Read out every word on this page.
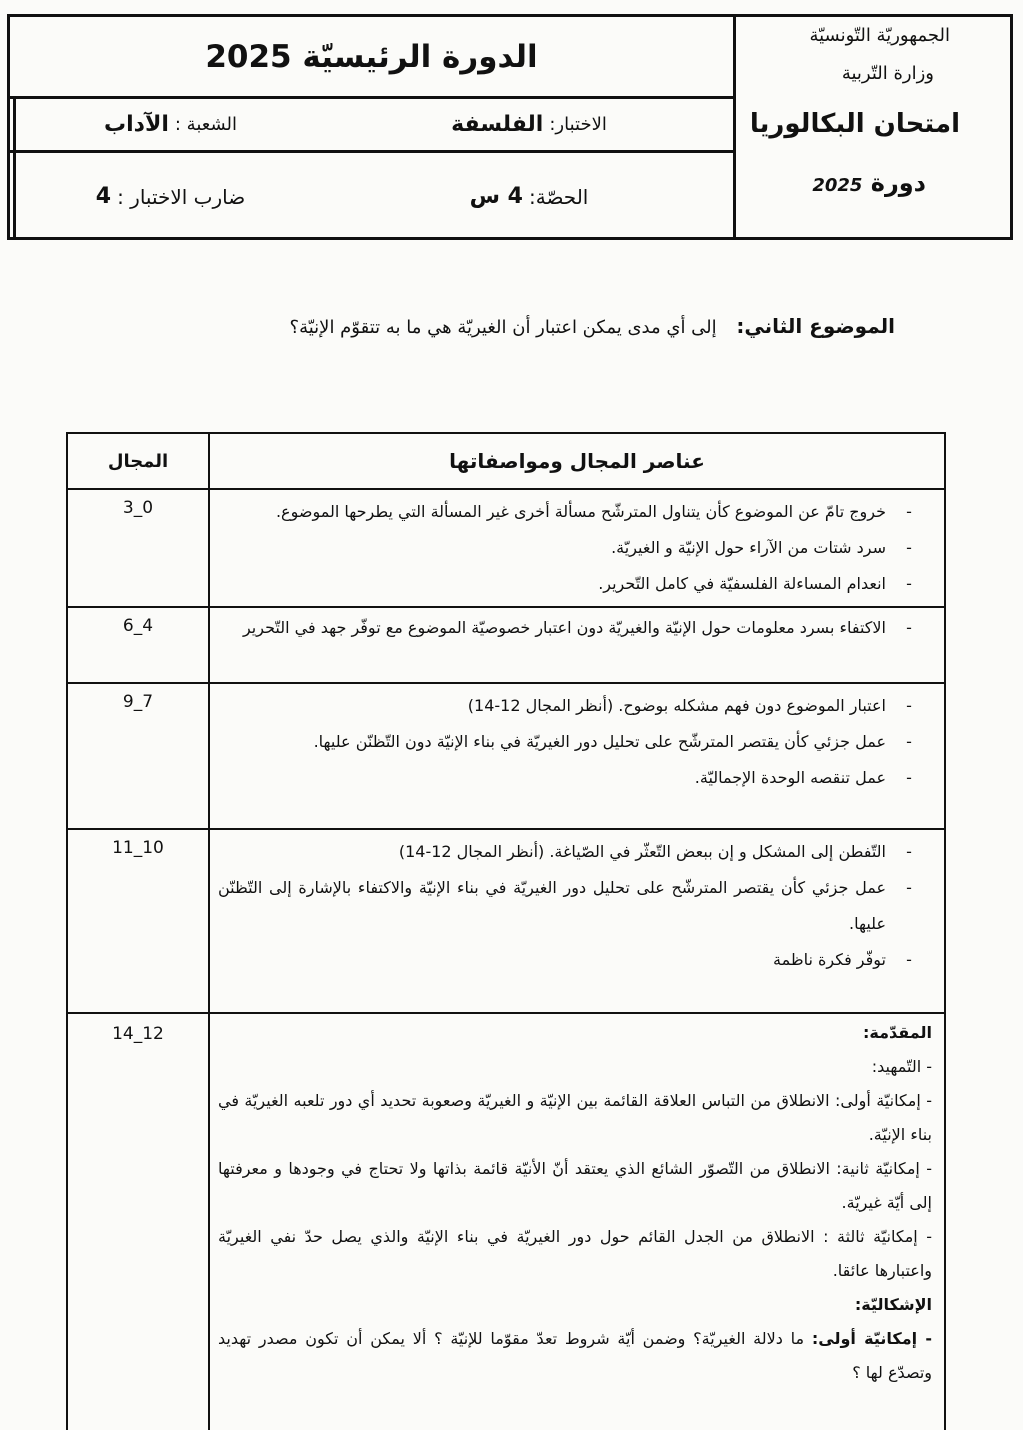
الدورة الرئيسيّة 2025
الاختبار:
الفلسفة
الشعبة :
الآداب
الحصّة:
4 س
ضارب الاختبار :
4
الجمهوريّة التّونسيّة
وزارة التّربية
امتحان البكالوريا
دورة 2025
الموضوع الثاني: إلى أي مدى يمكن اعتبار أن الغيريّة هي ما به تتقوّم الإنيّة؟
المجال	عناصر المجال ومواصفاتها
3_0	-
خروج تامّ عن الموضوع كأن يتناول المترشّح مسألة أخرى غير المسألة التي يطرحها الموضوع.
-
سرد شتات من الآراء حول الإنيّة و الغيريّة.
-
انعدام المساءلة الفلسفيّة في كامل التّحرير.
6_4	-
الاكتفاء بسرد معلومات حول الإنيّة والغيريّة دون اعتبار خصوصيّة الموضوع مع توفّر جهد في التّحرير
9_7	-
اعتبار الموضوع دون فهم مشكله بوضوح. (أنظر المجال 12-14)
-
عمل جزئي كأن يقتصر المترشّح على تحليل دور الغيريّة في بناء الإنيّة دون التّظنّن عليها.
-
عمل تنقصه الوحدة الإجماليّة.
11_10	-
التّفطن إلى المشكل و إن ببعض التّعثّر في الصّياغة. (أنظر المجال 12-14)
-
عمل جزئي كأن يقتصر المترشّح على تحليل دور الغيريّة في بناء الإنيّة والاكتفاء بالإشارة إلى التّظنّن عليها.
-
توفّر فكرة ناظمة
14_12	المقدّمة:
- التّمهيد:
- إمكانيّة أولى: الانطلاق من التباس العلاقة القائمة بين الإنيّة و الغيريّة وصعوبة تحديد أي دور تلعبه الغيريّة في بناء الإنيّة.
- إمكانيّة ثانية: الانطلاق من التّصوّر الشائع الذي يعتقد أنّ الأنيّة قائمة بذاتها ولا تحتاج في وجودها و معرفتها إلى أيّة غيريّة.
- إمكانيّة ثالثة : الانطلاق من الجدل القائم حول دور الغيريّة في بناء الإنيّة والذي يصل حدّ نفي الغيريّة واعتبارها عائقا.
الإشكاليّة:
- إمكانيّة أولى: ما دلالة الغيريّة؟ وضمن أيّة شروط تعدّ مقوّما للإنيّة ؟ ألا يمكن أن تكون مصدر تهديد وتصدّع لها ؟
